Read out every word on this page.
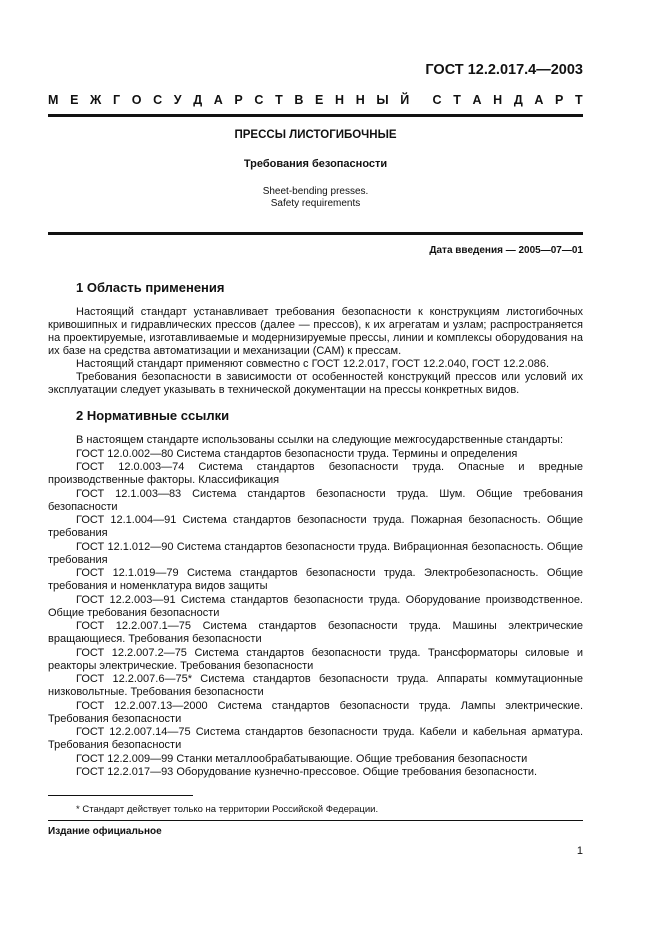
ГОСТ 12.2.017.4—2003
М Е Ж Г О С У Д А Р С Т В Е Н Н Ы Й С Т А Н Д А Р Т
ПРЕССЫ ЛИСТОГИБОЧНЫЕ
Требования безопасности
Sheet-bending presses.
Safety requirements
Дата введения — 2005—07—01
1 Область применения

Настоящий стандарт устанавливает требования безопасности к конструкциям листогибочных кривошипных и гидравлических прессов (далее — прессов), к их агрегатам и узлам; распространяется на проектируемые, изготавливаемые и модернизируемые прессы, линии и комплексы оборудования на их базе на средства автоматизации и механизации (САМ) к прессам.

Настоящий стандарт применяют совместно с ГОСТ 12.2.017, ГОСТ 12.2.040, ГОСТ 12.2.086.

Требования безопасности в зависимости от особенностей конструкций прессов или условий их эксплуатации следует указывать в технической документации на прессы конкретных видов.

2 Нормативные ссылки

В настоящем стандарте использованы ссылки на следующие межгосударственные стандарты:

ГОСТ 12.0.002—80 Система стандартов безопасности труда. Термины и определения

ГОСТ 12.0.003—74 Система стандартов безопасности труда. Опасные и вредные производственные факторы. Классификация

ГОСТ 12.1.003—83 Система стандартов безопасности труда. Шум. Общие требования безопасности

ГОСТ 12.1.004—91 Система стандартов безопасности труда. Пожарная безопасность. Общие требования

ГОСТ 12.1.012—90 Система стандартов безопасности труда. Вибрационная безопасность. Общие требования

ГОСТ 12.1.019—79 Система стандартов безопасности труда. Электробезопасность. Общие требования и номенклатура видов защиты

ГОСТ 12.2.003—91 Система стандартов безопасности труда. Оборудование производственное. Общие требования безопасности

ГОСТ 12.2.007.1—75 Система стандартов безопасности труда. Машины электрические вращающиеся. Требования безопасности

ГОСТ 12.2.007.2—75 Система стандартов безопасности труда. Трансформаторы силовые и реакторы электрические. Требования безопасности

ГОСТ 12.2.007.6—75* Система стандартов безопасности труда. Аппараты коммутационные низковольтные. Требования безопасности

ГОСТ 12.2.007.13—2000 Система стандартов безопасности труда. Лампы электрические. Требования безопасности

ГОСТ 12.2.007.14—75 Система стандартов безопасности труда. Кабели и кабельная арматура. Требования безопасности

ГОСТ 12.2.009—99 Станки металлообрабатывающие. Общие требования безопасности

ГОСТ 12.2.017—93 Оборудование кузнечно-прессовое. Общие требования безопасности.

* Стандарт действует только на территории Российской Федерации.
Издание официальное
1
